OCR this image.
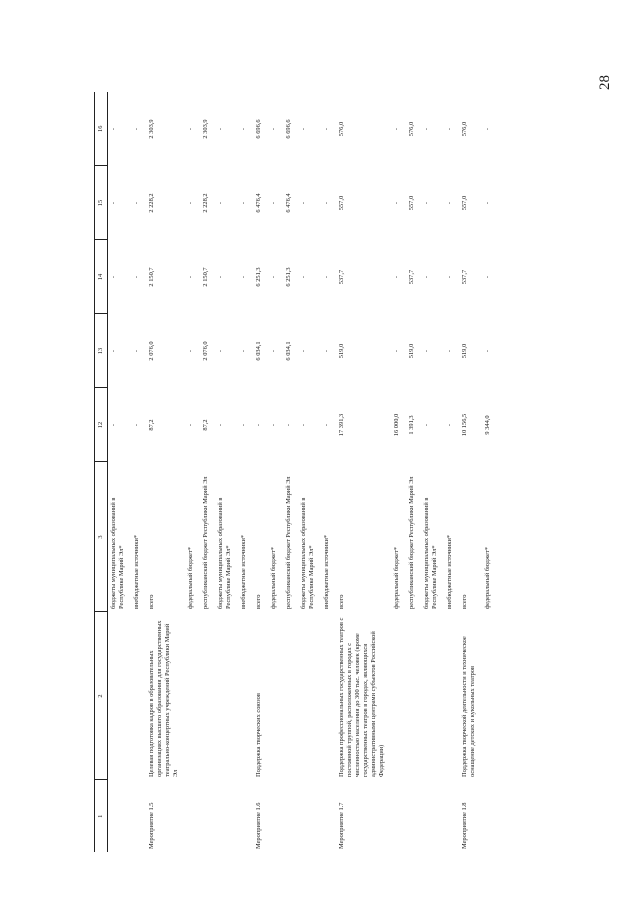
28
1	2	3	12	13	14	15	16
		бюджеты муниципальных образований в Республике Марий Эл*	-	-	-	-	-
		внебюджетные источники*	-	-	-	-	-
Мероприятие 1.5	Целевая подготовка кадров в образовательных организациях высшего образования для государственных театрально-концертных учреждений Республики Марий Эл	всего	87,2	2 076,0	2 150,7	2 228,2	2 303,9
		федеральный бюджет*	-	-	-	-	-
		республиканский бюджет Республики Марий Эл	87,2	2 076,0	2 150,7	2 228,2	2 303,9
		бюджеты муниципальных образований в Республике Марий Эл*	-	-	-	-	-
		внебюджетные источники*	-	-	-	-	-
Мероприятие 1.6	Поддержка творческих союзов	всего	-	6 034,1	6 251,3	6 476,4	6 696,6
		федеральный бюджет*	-	-	-	-	-
		республиканский бюджет Республики Марий Эл	-	6 034,1	6 251,3	6 476,4	6 696,6
		бюджеты муниципальных образований в Республике Марий Эл*	-	-	-	-	-
		внебюджетные источники*	-	-	-	-	-
Мероприятие 1.7	Поддержка профессиональных государственных театров с постоянной труппой, расположенных в городах с численностью населения до 300 тыс. человек (кроме государственных театров в городах, являющихся административными центрами субъектов Российской Федерации)	всего	17 391,3	519,0	537,7	557,0	576,0
		федеральный бюджет*	16 000,0	-	-	-	-
		республиканский бюджет Республики Марий Эл	1 391,3	519,0	537,7	557,0	576,0
		бюджеты муниципальных образований в Республике Марий Эл*	-	-	-	-	-
		внебюджетные источники*	-	-	-	-	-
Мероприятие 1.8	Поддержка творческой деятельности и техническое оснащение детских и кукольных театров	всего	10 156,5	519,0	537,7	557,0	576,0
		федеральный бюджет*	9 344,0	-	-	-	-
